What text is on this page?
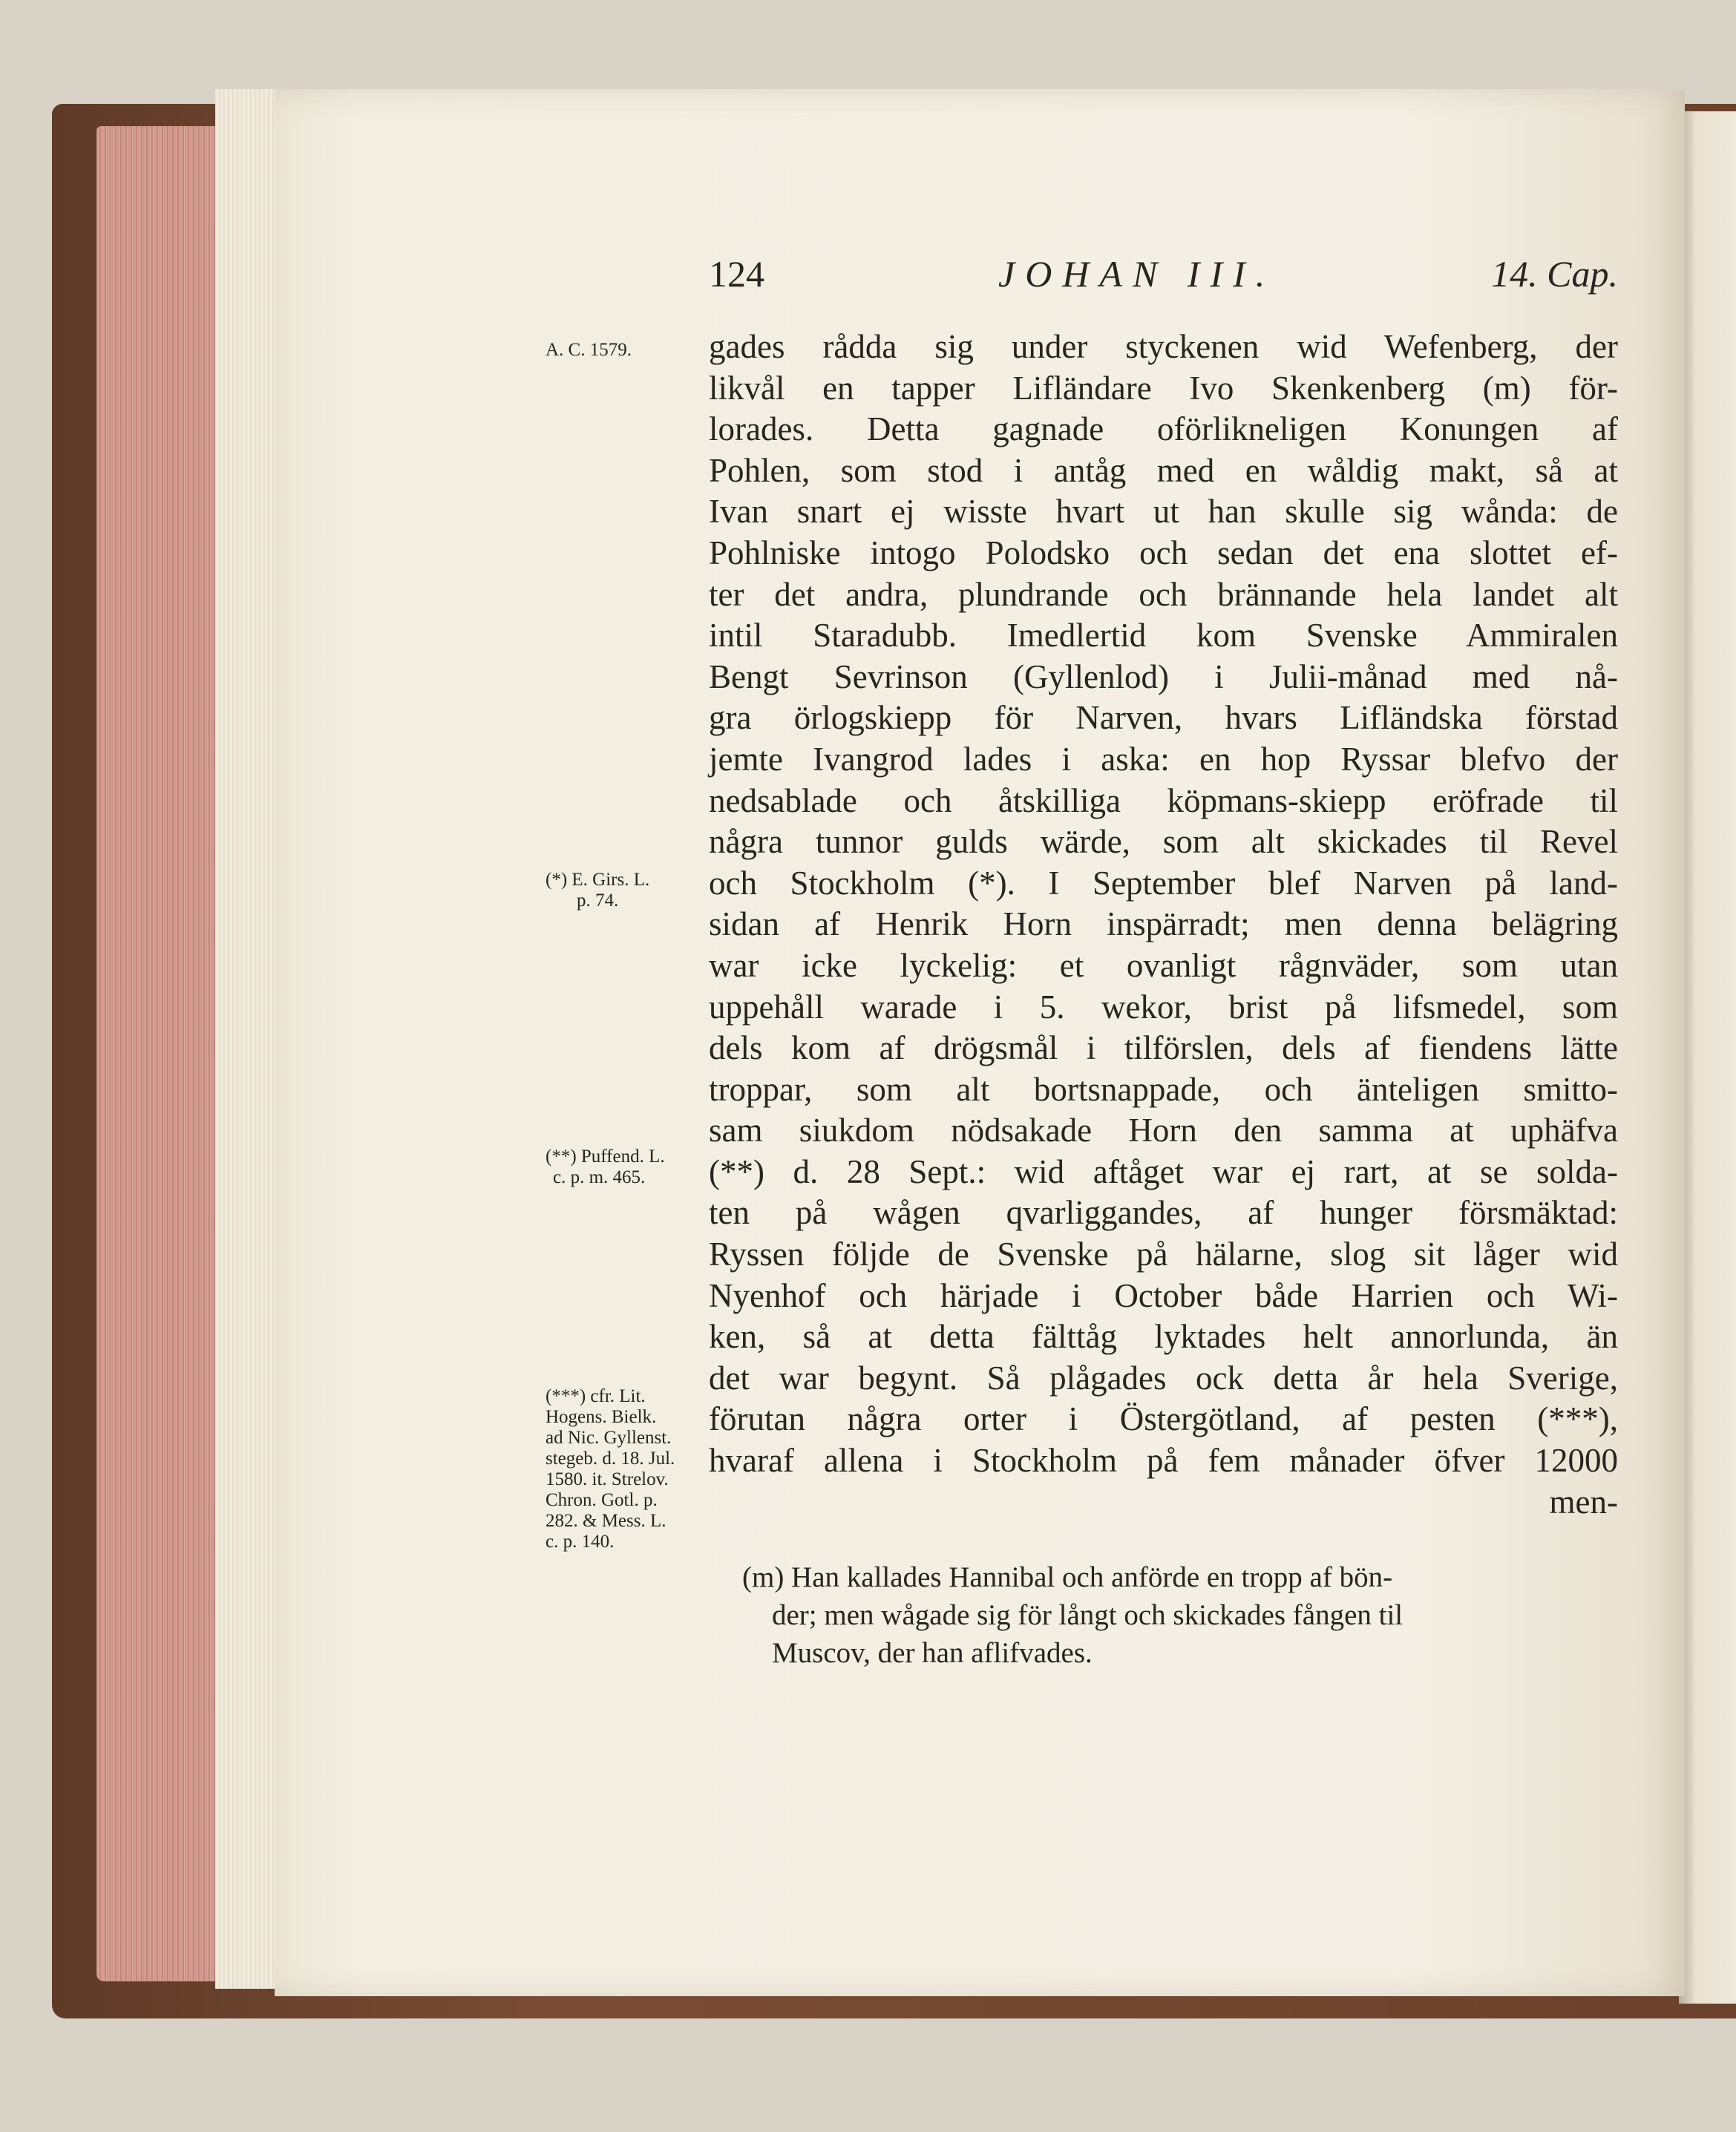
124	JOHAN III.	14. Cap.
A. C. 1579.
(*) E. Girs. L.
p. 74.
(**) Puffend. L.
c. p. m. 465.
(***) cfr. Lit.
Hogens. Bielk.
ad Nic. Gyllenst.
stegeb. d. 18. Jul.
1580. it. Strelov.
Chron. Gotl. p.
282. & Mess. L.
c. p. 140.
gades rådda sig under styckenen wid Wefenberg, der
likvål en tapper Lifländare Ivo Skenkenberg (m) för-
lorades. Detta gagnade oförlikneligen Konungen af
Pohlen, som stod i antåg med en wåldig makt, så at
Ivan snart ej wisste hvart ut han skulle sig wånda: de
Pohlniske intogo Polodsko och sedan det ena slottet ef-
ter det andra, plundrande och brännande hela landet alt
intil Staradubb. Imedlertid kom Svenske Ammiralen
Bengt Sevrinson (Gyllenlod) i Julii-månad med nå-
gra örlogskiepp för Narven, hvars Lifländska förstad
jemte Ivangrod lades i aska: en hop Ryssar blefvo der
nedsablade och åtskilliga köpmans-skiepp eröfrade til
några tunnor gulds wärde, som alt skickades til Revel
och Stockholm (*). I September blef Narven på land-
sidan af Henrik Horn inspärradt; men denna belägring
war icke lyckelig: et ovanligt rågnväder, som utan
uppehåll warade i 5. wekor, brist på lifsmedel, som
dels kom af drögsmål i tilförslen, dels af fiendens lätte
troppar, som alt bortsnappade, och änteligen smitto-
sam siukdom nödsakade Horn den samma at uphäfva
(**) d. 28 Sept.: wid aftåget war ej rart, at se solda-
ten på wågen qvarliggandes, af hunger försmäktad:
Ryssen följde de Svenske på hälarne, slog sit låger wid
Nyenhof och härjade i October både Harrien och Wi-
ken, så at detta fälttåg lyktades helt annorlunda, än
det war begynt. Så plågades ock detta år hela Sverige,
förutan några orter i Östergötland, af pesten (***),
hvaraf allena i Stockholm på fem månader öfver 12000
men-
(m) Han kallades Hannibal och anförde en tropp af bön-
der; men wågade sig för långt och skickades fången til
Muscov, der han aflifvades.
